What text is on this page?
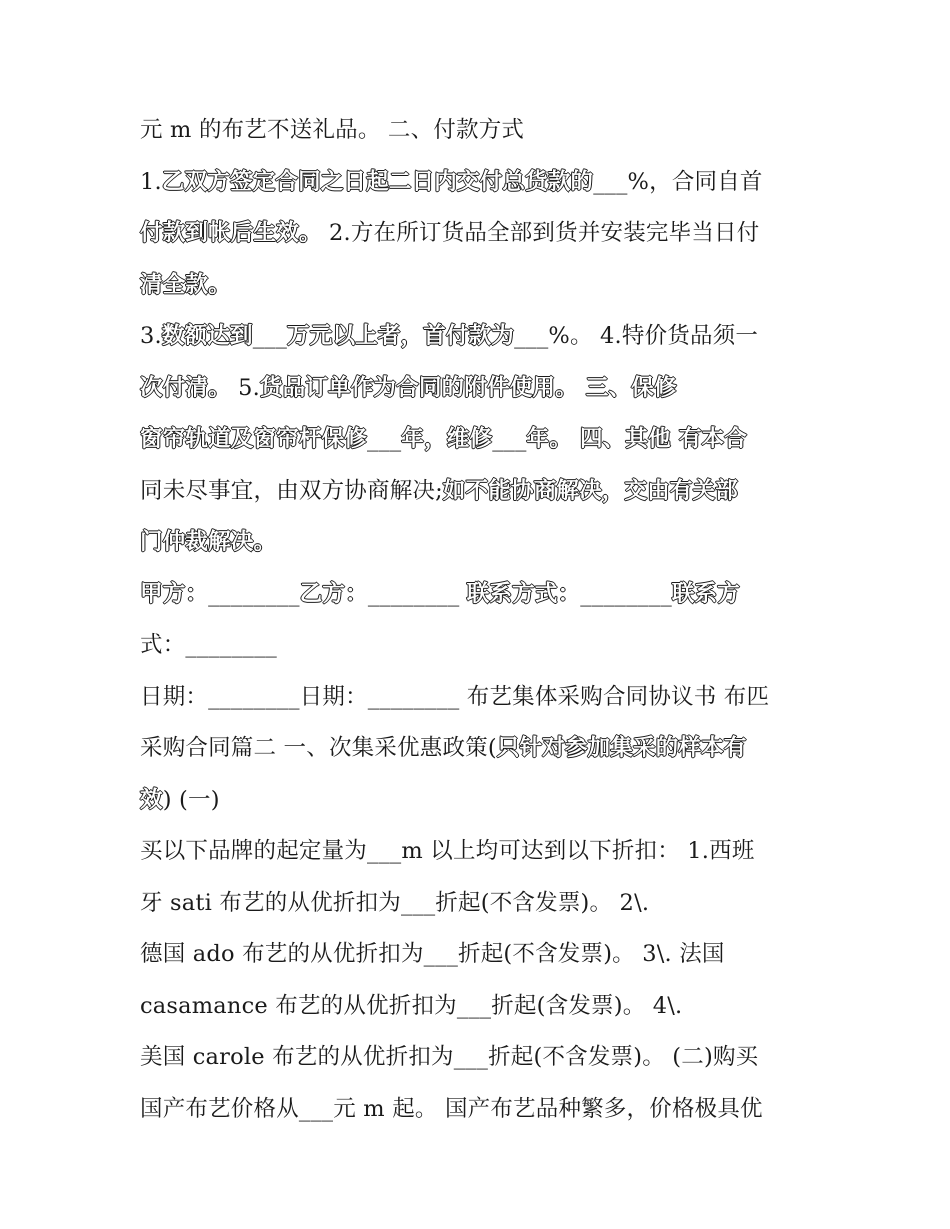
元 m 的布艺不送礼品。 二、付款方式
1.乙双方签定合同之日起二日内交付总货款的___%，合同自首
付款到帐后生效。 2.方在所订货品全部到货并安装完毕当日付
清全款。
3.数额达到___万元以上者，首付款为___%。 4.特价货品须一
次付清。 5.货品订单作为合同的附件使用。 三、保修
窗帘轨道及窗帘杆保修___年，维修___年。 四、其他 有本合
同未尽事宜，由双方协商解决;如不能协商解决，交由有关部
门仲裁解决。
甲方：________乙方：________ 联系方式：________联系方
式：________
日期：________日期：________ 布艺集体采购合同协议书 布匹
采购合同篇二 一、次集采优惠政策(只针对参加集采的样本有
效) (一)
买以下品牌的起定量为___m 以上均可达到以下折扣： 1.西班
牙 sati 布艺的从优折扣为___折起(不含发票)。 2\.
德国 ado 布艺的从优折扣为___折起(不含发票)。 3\. 法国
casamance 布艺的从优折扣为___折起(含发票)。 4\.
美国 carole 布艺的从优折扣为___折起(不含发票)。 (二)购买
国产布艺价格从___元 m 起。 国产布艺品种繁多，价格极具优
